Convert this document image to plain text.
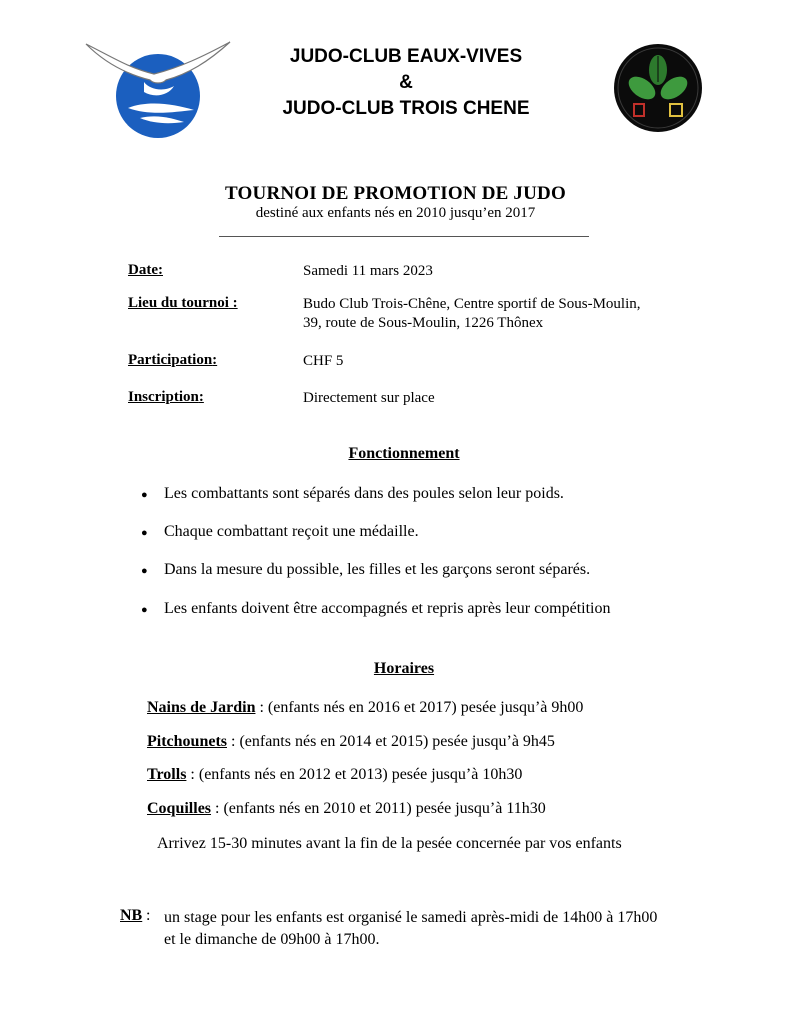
JUDO-CLUB EAUX-VIVES
&
JUDO-CLUB TROIS CHENE
TOURNOI DE PROMOTION DE JUDO
destiné aux enfants nés en 2010 jusqu’en 2017
Date:	Samedi 11 mars 2023
Lieu du tournoi :	Budo Club Trois-Chêne, Centre sportif de Sous-Moulin,
39, route de Sous-Moulin, 1226 Thônex
Participation:	CHF 5
Inscription:	Directement sur place
Fonctionnement
● Les combattants sont séparés dans des poules selon leur poids.
● Chaque combattant reçoit une médaille.
● Dans la mesure du possible, les filles et les garçons seront séparés.
● Les enfants doivent être accompagnés et repris après leur compétition
Horaires
Nains de Jardin : (enfants nés en 2016 et 2017) pesée jusqu’à 9h00
Pitchounets : (enfants nés en 2014 et 2015) pesée jusqu’à 9h45
Trolls : (enfants nés en 2012 et 2013) pesée jusqu’à 10h30
Coquilles : (enfants nés en 2010 et 2011) pesée jusqu’à 11h30
Arrivez 15-30 minutes avant la fin de la pesée concernée par vos enfants
NB : un stage pour les enfants est organisé le samedi après-midi de 14h00 à 17h00
et le dimanche de 09h00 à 17h00.
